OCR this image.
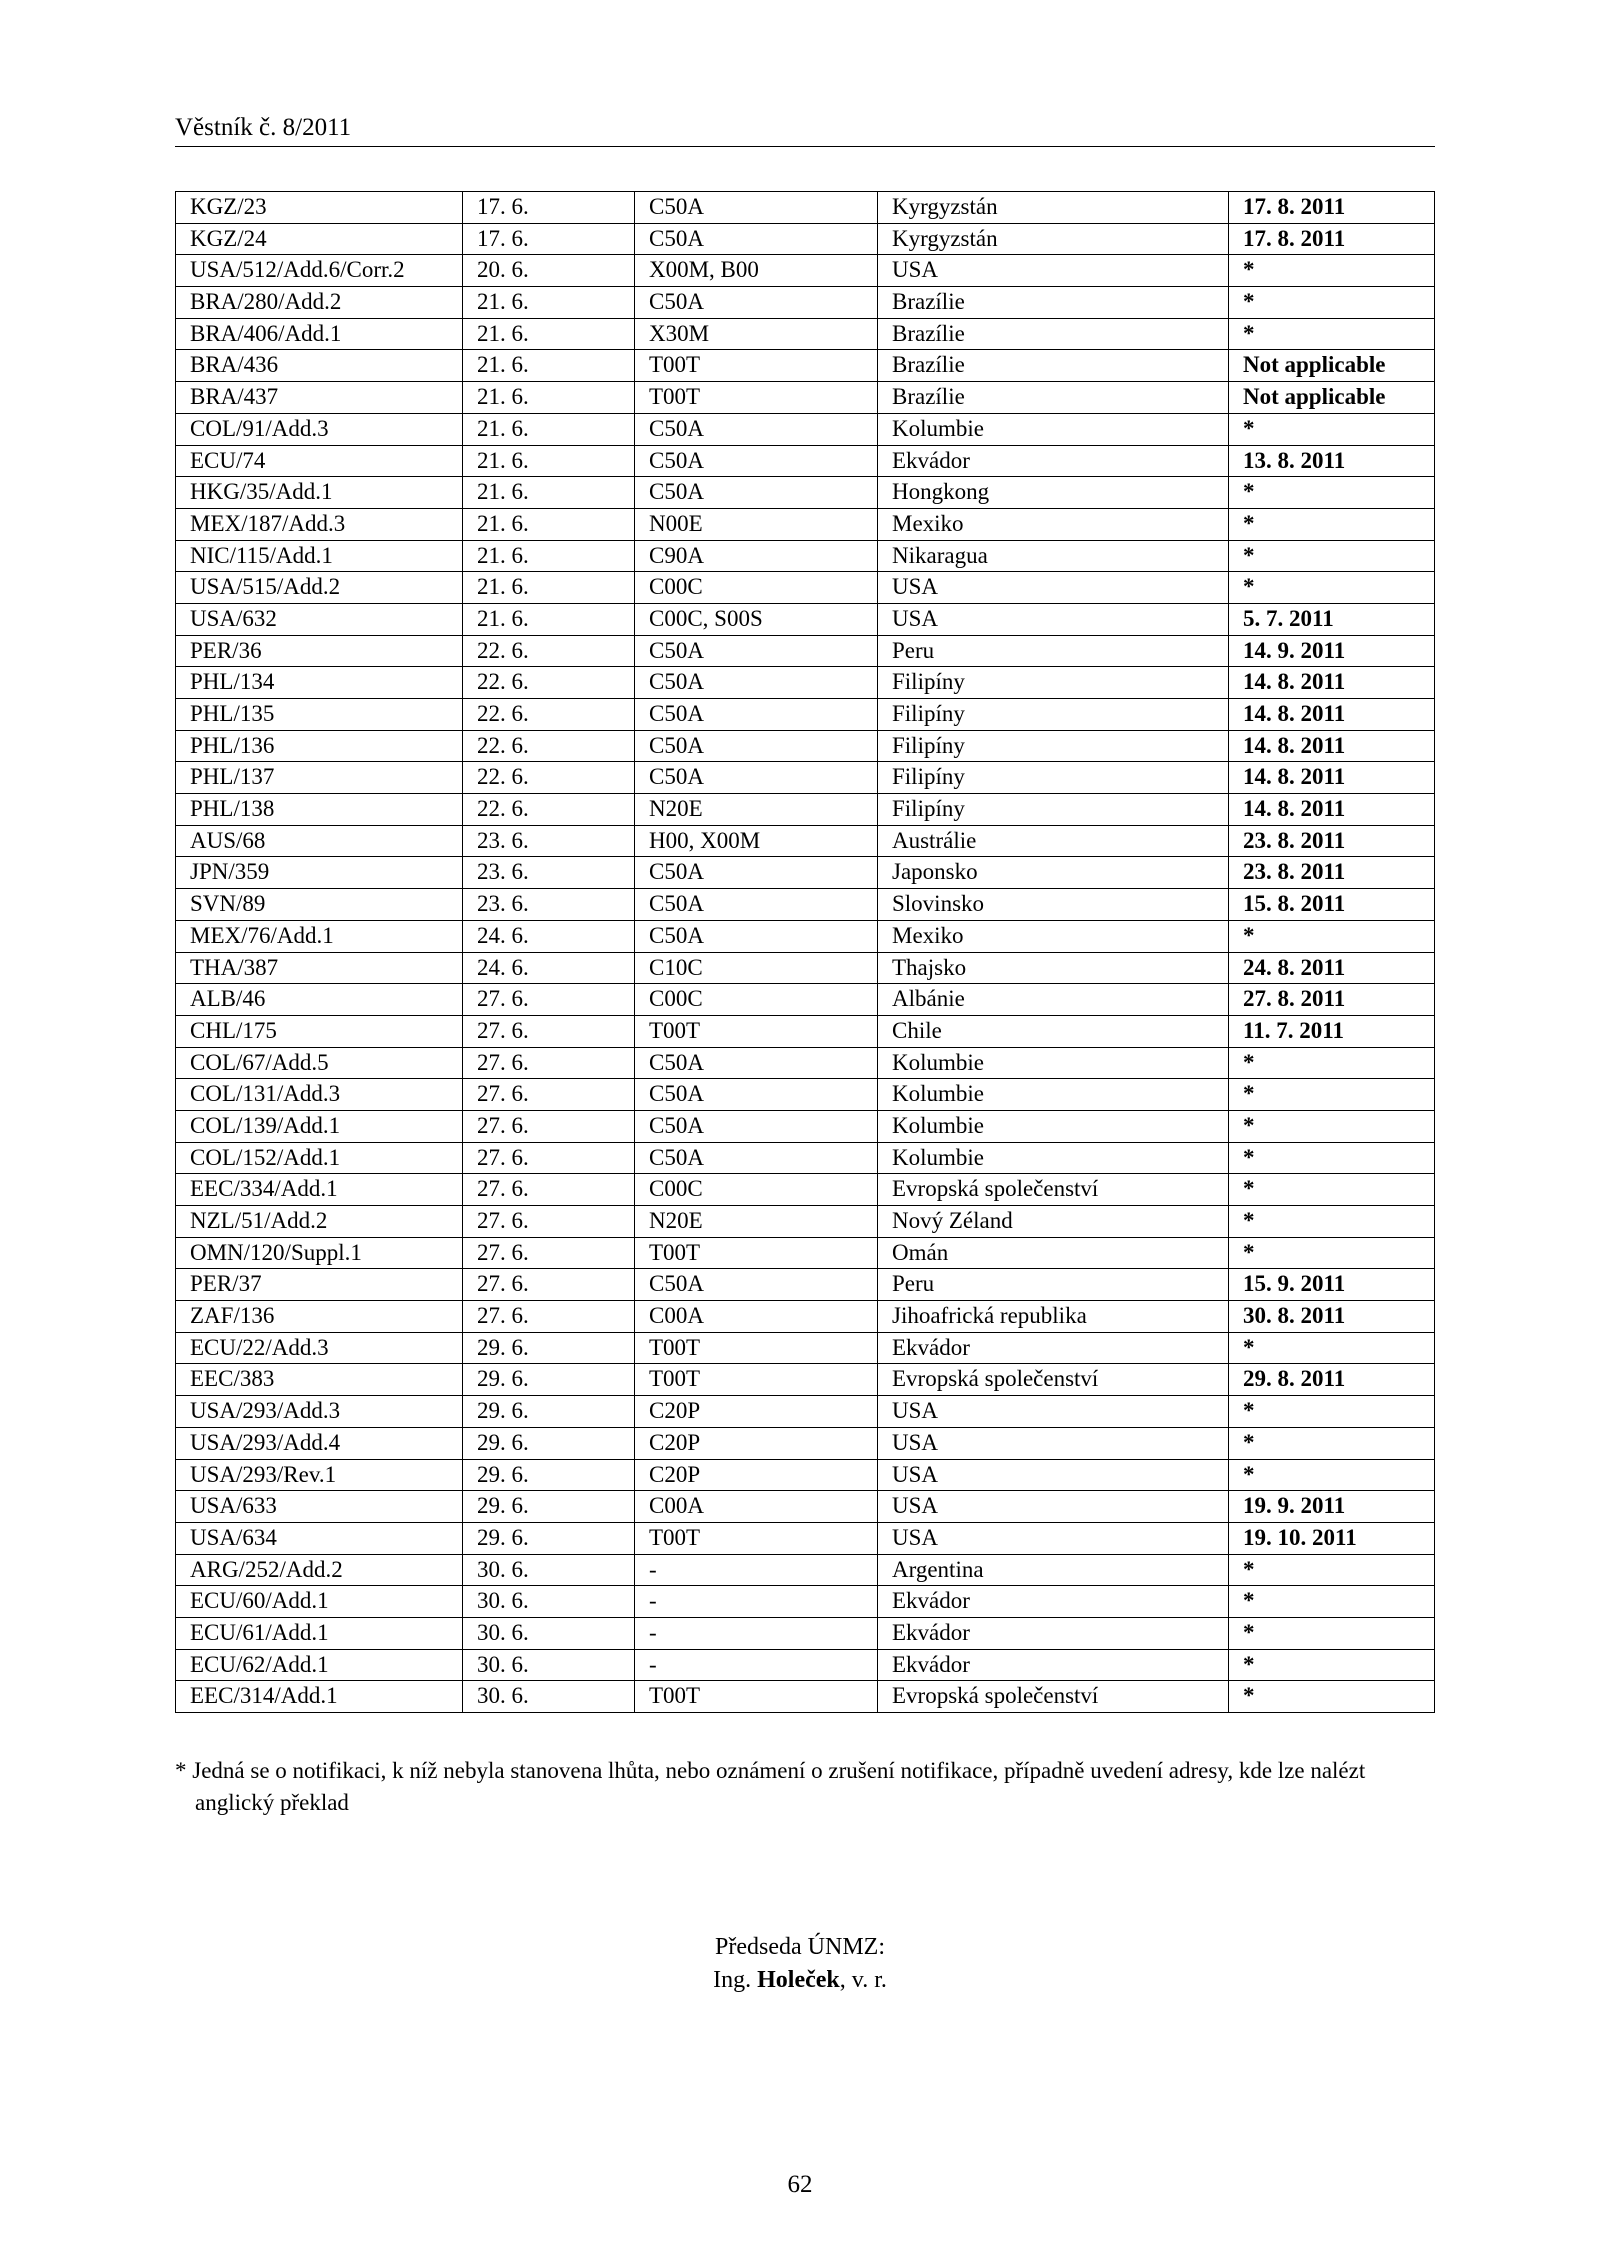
Věstník č. 8/2011
KGZ/23	17. 6.	C50A	Kyrgyzstán	17. 8. 2011
KGZ/24	17. 6.	C50A	Kyrgyzstán	17. 8. 2011
USA/512/Add.6/Corr.2	20. 6.	X00M, B00	USA	*
BRA/280/Add.2	21. 6.	C50A	Brazílie	*
BRA/406/Add.1	21. 6.	X30M	Brazílie	*
BRA/436	21. 6.	T00T	Brazílie	Not applicable
BRA/437	21. 6.	T00T	Brazílie	Not applicable
COL/91/Add.3	21. 6.	C50A	Kolumbie	*
ECU/74	21. 6.	C50A	Ekvádor	13. 8. 2011
HKG/35/Add.1	21. 6.	C50A	Hongkong	*
MEX/187/Add.3	21. 6.	N00E	Mexiko	*
NIC/115/Add.1	21. 6.	C90A	Nikaragua	*
USA/515/Add.2	21. 6.	C00C	USA	*
USA/632	21. 6.	C00C, S00S	USA	5. 7. 2011
PER/36	22. 6.	C50A	Peru	14. 9. 2011
PHL/134	22. 6.	C50A	Filipíny	14. 8. 2011
PHL/135	22. 6.	C50A	Filipíny	14. 8. 2011
PHL/136	22. 6.	C50A	Filipíny	14. 8. 2011
PHL/137	22. 6.	C50A	Filipíny	14. 8. 2011
PHL/138	22. 6.	N20E	Filipíny	14. 8. 2011
AUS/68	23. 6.	H00, X00M	Austrálie	23. 8. 2011
JPN/359	23. 6.	C50A	Japonsko	23. 8. 2011
SVN/89	23. 6.	C50A	Slovinsko	15. 8. 2011
MEX/76/Add.1	24. 6.	C50A	Mexiko	*
THA/387	24. 6.	C10C	Thajsko	24. 8. 2011
ALB/46	27. 6.	C00C	Albánie	27. 8. 2011
CHL/175	27. 6.	T00T	Chile	11. 7. 2011
COL/67/Add.5	27. 6.	C50A	Kolumbie	*
COL/131/Add.3	27. 6.	C50A	Kolumbie	*
COL/139/Add.1	27. 6.	C50A	Kolumbie	*
COL/152/Add.1	27. 6.	C50A	Kolumbie	*
EEC/334/Add.1	27. 6.	C00C	Evropská společenství	*
NZL/51/Add.2	27. 6.	N20E	Nový Zéland	*
OMN/120/Suppl.1	27. 6.	T00T	Omán	*
PER/37	27. 6.	C50A	Peru	15. 9. 2011
ZAF/136	27. 6.	C00A	Jihoafrická republika	30. 8. 2011
ECU/22/Add.3	29. 6.	T00T	Ekvádor	*
EEC/383	29. 6.	T00T	Evropská společenství	29. 8. 2011
USA/293/Add.3	29. 6.	C20P	USA	*
USA/293/Add.4	29. 6.	C20P	USA	*
USA/293/Rev.1	29. 6.	C20P	USA	*
USA/633	29. 6.	C00A	USA	19. 9. 2011
USA/634	29. 6.	T00T	USA	19. 10. 2011
ARG/252/Add.2	30. 6.	-	Argentina	*
ECU/60/Add.1	30. 6.	-	Ekvádor	*
ECU/61/Add.1	30. 6.	-	Ekvádor	*
ECU/62/Add.1	30. 6.	-	Ekvádor	*
EEC/314/Add.1	30. 6.	T00T	Evropská společenství	*
* Jedná se o notifikaci, k níž nebyla stanovena lhůta, nebo oznámení o zrušení notifikace, případně uvedení adresy, kde lze nalézt
anglický překlad
Předseda ÚNMZ:
Ing. Holeček, v. r.
62
